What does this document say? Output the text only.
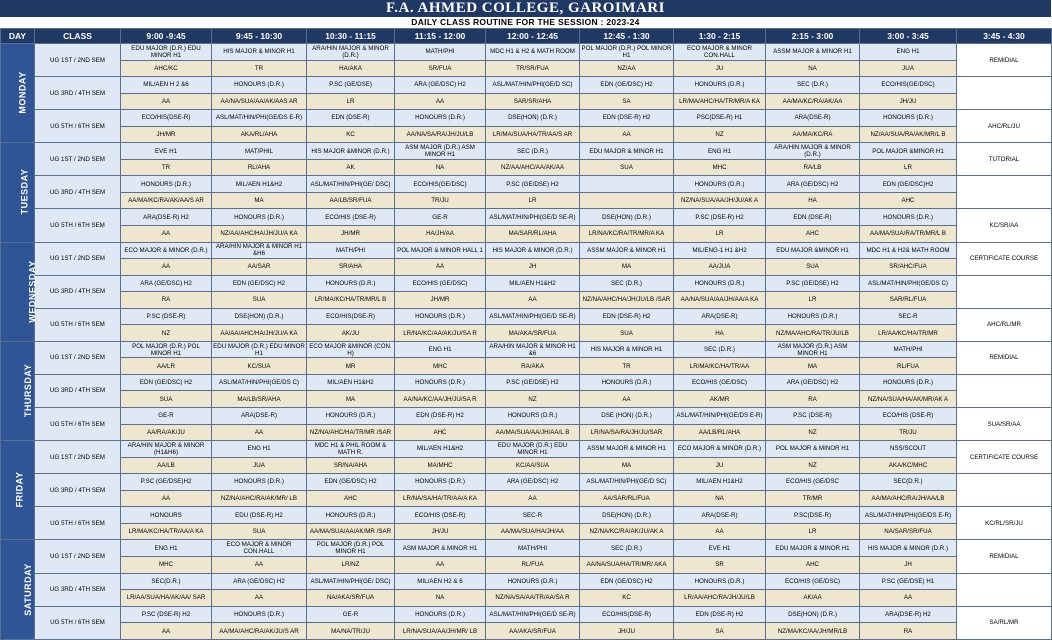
F.A. AHMED COLLEGE, GAROIMARI
DAILY CLASS ROUTINE FOR THE SESSION : 2023-24
DAY	CLASS	9:00 -9:45	9:45 - 10:30	10:30 - 11:15	11:15 - 12:00	12:00 - 12:45	12:45 - 1:30	1:30 - 2:15	2:15 - 3:00	3:00 - 3:45	3:45 - 4:30
MONDAY	UG 1ST / 2ND SEM	EDU MAJOR (D.R.) EDU MINOR H1	HIS MAJOR & MINOR H1	ARA/HIN MAJOR & MINOR (D.R.)	MATH/PHI	MDC H1 & H2 & MATH ROOM	POL MAJOR (D.R.) POL MINOR H1	ECO MAJOR & MINOR CON.HALL	ASSM MAJOR & MINOR H1	ENG H1	REMIDIAL
		AHC/KC	TR	HA/AKA	SR/FUA	TR/SR/FUA	NZ/AA	JU	NA	JUA	
	UG 3RD / 4TH SEM	MIL/AEN H 2 &6	HONOURS (D.R.)	P.SC (GE/DSE)	ARA (GE/DSC) H2	ASL/MAT/HIN/PHI(GE/D SC)	EDN (GE/DSC) H2	HONOURS (D.R.)	SEC (D.R.)	ECO/HIS(GE/DSC)	
		AA	AA/NA/SUA/AA/AK/AAS AR	LR	AA	SAR/SR/AHA	SA	LR/MA/AHC/HA/TR/MR/A KA	AA/MA/KC/RA/AK/AA	JH/JU	
	UG 5TH / 6TH SEM	ECO/HIS(DSE-R)	ASL/MAT/HIN/PHI(GE/DS E-R)	EDN (DSE-R)	HONOURS (D.R.)	DSE(HON) (D.R.)	EDN (DSE-R) H2	PSC(DSE-R) H1	ARA(DSE-R)	HONOURS (D.R.)	AHC/RL/JU
		JH/MR	AKA/RL/AHA	KC	AA/NA/SA/RA/JH/JU/LB	LR/MA/SUA/HA/TR/AA/S AR	AA	NZ	AA/MA/KC/RA	NZ/AA/SUA/RA/AK/MR/L B	
TUESDAY	UG 1ST / 2ND SEM	EVE H1	MAT/PHIL	HIS MAJOR &MINOR (D.R.)	ASM MAJOR (D.R.) ASM MINOR H1	SEC (D.R.)	EDU MAJOR & MINOR H1	ENG H1	ARA/HIN MAJOR & MINOR (D.R.)	POL MAJOR &MINOR H1	TUTORIAL
		TR	RL/AHA	AK	NA	NZ/AA/AHC/AA/AK/AA	SUA	MHC	RA/LB	LR	
	UG 3RD / 4TH SEM	HONOURS (D.R.)	MIL/AEN H1&H2	ASL/MAT/HIN/PHI(GE/ DSC)	ECO/HIS(GE/DSC)	P.SC (GE/DSE) H2		HONOURS (D.R.)	ARA (GE/DSC) H2	EDN (GE/DSC)H2	
		AA/MA/KC/RA/AK/AA/S AR	MA	AA/LB/SR/FUA	TR/JU	LR		NZ/NA/SUA/AA/JH/JU/AK A	HA	AHC	
	UG 5TH / 6TH SEM	ARA(DSE-R) H2	HONOURS (D.R.)	ECO/HIS (DSE-R)	GE-R	ASL/MAT/HIN/PHI(GE/D SE-R)	DSE(HON) (D.R.)	P.SC (DSE-R) H2	EDN (DSE-R)	HONOURS (D.R.)	KC/SR/AA
		AA	NZ/AA/AHC/HA/JH/JU/A KA	JH/MR	HA/JH/AA	MA/SAR/RL/AHA	LR/NA/KC/RA/TR/MR/A KA	LR	AHC	AA/MA/SUA/RA/TR/MR/L B	
WEDNESDAY	UG 1ST / 2ND SEM	ECO MAJOR & MINOR (D.R.)	ARA/HIN MAJOR & MINOR H1 &H6	MATH/PHI	POL MAJOR & MINOR HALL 1	HIS MAJOR & MINOR (D.R.)	ASSM MAJOR & MINOR H1	MIL/ENG-1 H1 &H2	EDU MAJOR &MINOR H1	MDC H1 & H2& MATH ROOM	CERTIFICATE COURSE
		AA	AA/SAR	SR/AHA	AA	JH	MA	AA/JUA	SUA	SR/AHC/FUA	
	UG 3RD / 4TH SEM	ARA (GE/DSC) H2	EDN (GE/DSC) H2	HONOURS (D.R.)	ECO/HIS (GE/DSC)	MIL/AEN H1&H2	SEC (D.R.)	HONOURS (D.R.)	P.SC (GE/DSE) H2	ASL/MAT/HIN/PHI(GE/DS C)	
		RA	SUA	LR/MA/KC/HA/TR/MR/L B	JH/MR	AA	NZ/NA/AHC/HA/JH/JU/LB /SAR	AA/NA/SUA/AA/JH/AA/A KA	LR	SAR/RL/FUA	
	UG 5TH / 6TH SEM	P.SC (DSE-R)	DSE(HON) (D.R.)	ECO/HIS(DSE-R)	HONOURS (D.R.)	ASL/MAT/HIN/PHI(GE/D SE-R)	EDN (DSE-R) H2	ARA(DSE-R)	HONOURS (D.R.)	SEC-R	AHC/RL/MR
		NZ	AA/AA/AHC/HA/JH/JU/A KA	AK/JU	LR/NA/KC/AA/AK/JU/SA R	MA/AKA/SR/FUA	SUA	HA	NZ/MA/AHC/RA/TR/JU/LB	LR/AA/KC/HA/TR/MR	
THURSDAY	UG 1ST / 2ND SEM	POL MAJOR (D.R.) POL MINOR H1	EDU MAJOR (D.R.) EDU MINOR H1	ECO MAJOR &MINOR (CON. H)	ENG H1	ARA/HIN MAJOR & MINOR H1 &6	HIS MAJOR & MINOR H1	SEC (D.R.)	ASM MAJOR (D.R.) ASM MINOR H1	MATH/PHI	REMIDIAL
		AA/LR	KC/SUA	MR	MHC	RA/AKA	TR	LR/MA/KC/HA/TR/AA	MA	RL/FUA	
	UG 3RD / 4TH SEM	EDN (GE/DSC) H2	ASL/MAT/HIN/PHI(GE/DS C)	MIL/AEN H1&H2	HONOURS (D.R.)	P.SC (GE/DSE) H2	HONOURS (D.R.)	ECO/HIS (GE/DSC)	ARA (GE/DSC) H2	HONOURS (D.R.)	
		SUA	MA/LB/SR/AHA	MA	AA/NA/KC/AA/JH/JU/SA R	NZ	AA	AK/MR	RA	NZ/NA/SUA/HA/AK/MR/AK A	
	UG 5TH / 6TH SEM	GE-R	ARA(DSE-R)	HONOURS (D.R.)	EDN (DSE-R) H2	HONOURS (D.R.)	DSE (HON) (D.R.)	ASL/MAT/HIN/PHI(GE/DS E-R)	P.SC (DSE-R)	ECO/HIS (DSE-R)	SUA/SR/AA
		AA/RA/AK/JU	AA	NZ/NA/AHC/HA/TR/MR /SAR	AHC	AA/MA/SUA/AA/JH/AA/L B	LR/NA/SA/RA/JH/JU/SAR	AA/LB/RL/AHA	NZ	TR/JU	
FRIDAY	UG 1ST / 2ND SEM	ARA/HIN MAJOR & MINOR (H1&H6)	ENG H1	MDC H1 & PHIL ROOM & MATH R.	MIL/AEN H1&H2	EDU MAJOR (D.R.) EDU MINOR H1	ASSM MAJOR & MINOR H1	ECO MAJOR & MINOR (D.R.)	POL MAJOR & MINOR H1	NSS/SCOUT	CERTIFICATE COURSE
		AA/LB	JUA	SR/NA/AHA	MA/MHC	KC/AA/SUA	MA	JU	NZ	AKA/KC/MHC	
	UG 3RD / 4TH SEM	P.SC (GE/DSE)H2	HONOURS (D.R.)	EDN (GE/DSC) H2	HONOURS (D.R.)	ARA (GE/DSC) H2	ASL/MAT/HIN/PHI(GE/D SC)	MIL/AEN H1&H2	ECO/HIS (GE/DSC	SEC(D.R.)	
		AA	NZ/NA/AHC/RA/AK/MR/ LB	AHC	LR/NA/SA/HA/TR/AA/A KA	AA	AA/SAR/RL/FUA	NA	TR/MR	AA/MA/AHC/RA/JH/AA/LB	
	UG 5TH / 6TH SEM	HONOURS	EDU (DSE-R) H2	HONOURS (D.R.)	ECO/HIS (DSE-R)	SEC-R	DSE(HON) (D.R.)	ARA(DSE-R)	P.SC(DSE-R)	ASL/MAT/HIN/PHI(GE/DS E-R)	KC/RL/SR/JU
		LR/MA/KC/HA/TR/AA/A KA	SUA	AA/MA/SUA/AA/AK/MR /SAR	JH/JU	AA/MA/SUA/HA/JH/AA	NZ/NA/KC/RA/AK/JU/AK A	AA	LR	NA/SAR/SR/FUA	
SATURDAY	UG 1ST / 2ND SEM	ENG H1	ECO MAJOR & MINOR CON.HALL	POL MAJOR (D.R.) POL MINOR H1	ASM MAJOR & MINOR H1	MATH/PHI	SEC (D.R.)	EVE H1	EDU MAJOR & MINOR H1	HIS MAJOR & MINOR (D.R.)	REMIDIAL
		MHC	AA	LR/NZ	AA	RL/FUA	AA/NA/SUA/HA/TR/MR/ AKA	SR	AHC	JH	
	UG 3RD / 4TH SEM	SEC(D.R.)	ARA (GE/DSC) H2	ASL/MAT/HIN/PHI(GE/ DSC)	MIL/AEN H2 & 6	HONOURS (D.R.)	EDN (GE/DSC) H2	HONOURS (D.R.)	ECO/HIS (GE/DSC)	P.SC (GE/DSE) H1	
		LR/AA/SUA/HA/AK/AA/ SAR	AA	NA/AKA/SR/FUA	NA	NZ/NA/SA/AA/TR/AA/SA R	KC	LR/AA/AHC/RA/JH/JU/LB	AK/AA	AA	
	UG 5TH / 6TH SEM	P.SC (DSE-R) H2	HONOURS (D.R.)	GE-R	HONOURS (D.R.)	ASL/MAT/HIN/PHI(GE/D SE-R)	ECO/HIS(DSE-R)	EDN (DSE-R) H2	DSE(HON) (D.R.)	ARA(DSE-R) H2	SA/RL/MR
		AA	AA/MA/AHC/RA/AK/JU/S AR	MA/NA/TR/JU	LR/NA/SUA/AA/JH/MR/ LB	AA/AKA/SR/FUA	JH/JU	SA	NZ/MA/KC/AA/JH/MR/LB	RA	
